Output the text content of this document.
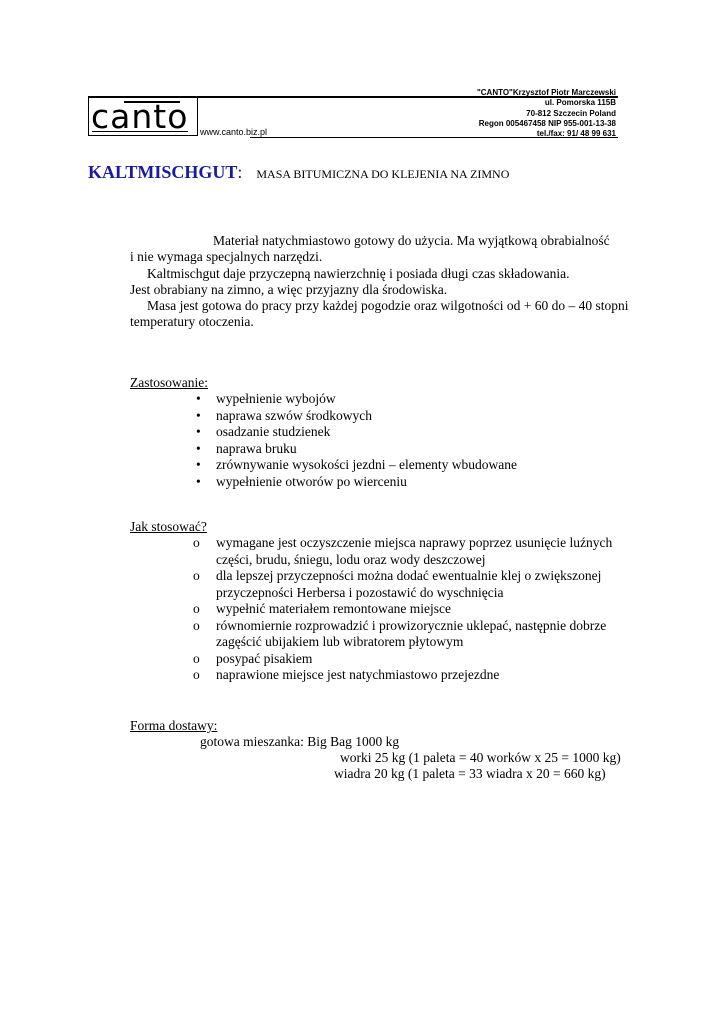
canto	www.canto.biz.pl
"CANTO"Krzysztof Piotr Marczewski
ul. Pomorska 115B
70-812 Szczecin Poland
Regon 005467458 NIP 955-001-13-38
tel./fax: 91/ 48 99 631
KALTMISCHGUT: MASA BITUMICZNA DO KLEJENIA NA ZIMNO
Materiał natychmiastowo gotowy do użycia. Ma wyjątkową obrabialność
i nie wymaga specjalnych narzędzi.
Kaltmischgut daje przyczepną nawierzchnię i posiada długi czas składowania.
Jest obrabiany na zimno, a więc przyjazny dla środowiska.
Masa jest gotowa do pracy przy każdej pogodzie oraz wilgotności od + 60 do – 40 stopni
temperatury otoczenia.
Zastosowanie:
• wypełnienie wybojów
• naprawa szwów środkowych
• osadzanie studzienek
• naprawa bruku
• zrównywanie wysokości jezdni – elementy wbudowane
• wypełnienie otworów po wierceniu
Jak stosować?
o wymagane jest oczyszczenie miejsca naprawy poprzez usunięcie luźnych
części, brudu, śniegu, lodu oraz wody deszczowej
o dla lepszej przyczepności można dodać ewentualnie klej o zwiększonej
przyczepności Herbersa i pozostawić do wyschnięcia
o wypełnić materiałem remontowane miejsce
o równomiernie rozprowadzić i prowizorycznie uklepać, następnie dobrze
zagęścić ubijakiem lub wibratorem płytowym
o posypać pisakiem
o naprawione miejsce jest natychmiastowo przejezdne
Forma dostawy:
gotowa mieszanka: Big Bag 1000 kg
worki 25 kg (1 paleta = 40 worków x 25 = 1000 kg)
wiadra 20 kg (1 paleta = 33 wiadra x 20 = 660 kg)
